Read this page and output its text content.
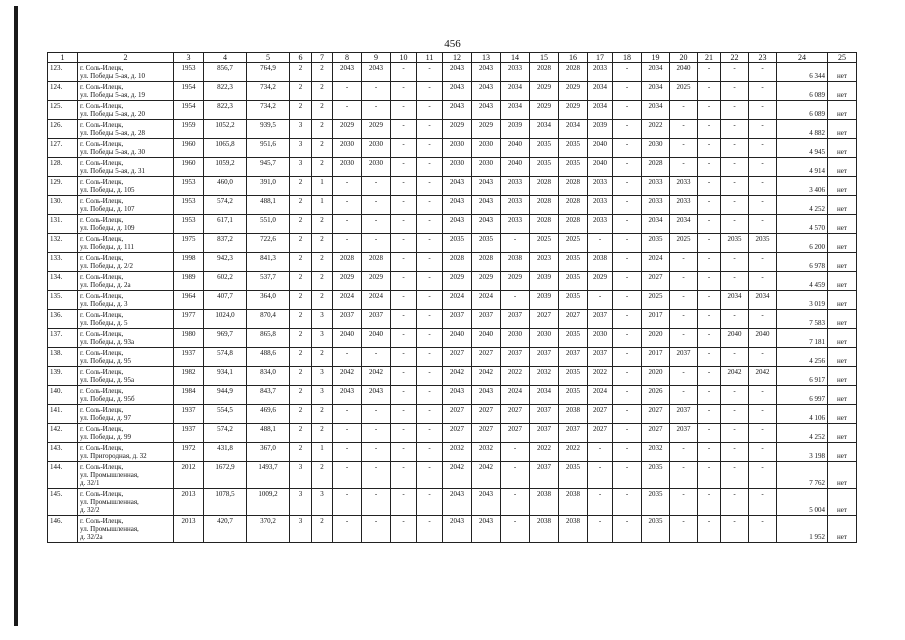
456
1	2	3	4	5	6	7	8	9	10	11	12	13	14	15	16	17	18	19	20	21	22	23	24	25
123.	г. Соль-Илецк,
ул. Победы 5-ая, д. 10	1953	856,7	764,9	2	2	2043	2043	-	-	2043	2043	2033	2028	2028	2033	-	2034	2040	-	-	-	6 344	нет
124.	г. Соль-Илецк,
ул. Победы 5-ая, д. 19	1954	822,3	734,2	2	2	-	-	-	-	2043	2043	2034	2029	2029	2034	-	2034	2025	-	-	-	6 089	нет
125.	г. Соль-Илецк,
ул. Победы 5-ая, д. 20	1954	822,3	734,2	2	2	-	-	-	-	2043	2043	2034	2029	2029	2034	-	2034	-	-	-	-	6 089	нет
126.	г. Соль-Илецк,
ул. Победы 5-ая, д. 28	1959	1052,2	939,5	3	2	2029	2029	-	-	2029	2029	2039	2034	2034	2039	-	2022	-	-	-	-	4 882	нет
127.	г. Соль-Илецк,
ул. Победы 5-ая, д. 30	1960	1065,8	951,6	3	2	2030	2030	-	-	2030	2030	2040	2035	2035	2040	-	2030	-	-	-	-	4 945	нет
128.	г. Соль-Илецк,
ул. Победы 5-ая, д. 31	1960	1059,2	945,7	3	2	2030	2030	-	-	2030	2030	2040	2035	2035	2040	-	2028	-	-	-	-	4 914	нет
129.	г. Соль-Илецк,
ул. Победы, д. 105	1953	460,0	391,0	2	1	-	-	-	-	2043	2043	2033	2028	2028	2033	-	2033	2033	-	-	-	3 406	нет
130.	г. Соль-Илецк,
ул. Победы, д. 107	1953	574,2	488,1	2	1	-	-	-	-	2043	2043	2033	2028	2028	2033	-	2033	2033	-	-	-	4 252	нет
131.	г. Соль-Илецк,
ул. Победы, д. 109	1953	617,1	551,0	2	2	-	-	-	-	2043	2043	2033	2028	2028	2033	-	2034	2034	-	-	-	4 570	нет
132.	г. Соль-Илецк,
ул. Победы, д. 111	1975	837,2	722,6	2	2	-	-	-	-	2035	2035	-	2025	2025	-	-	2035	2025	-	2035	2035	6 200	нет
133.	г. Соль-Илецк,
ул. Победы, д. 2/2	1998	942,3	841,3	2	2	2028	2028	-	-	2028	2028	2038	2023	2035	2038	-	2024	-	-	-	-	6 978	нет
134.	г. Соль-Илецк,
ул. Победы, д. 2а	1989	602,2	537,7	2	2	2029	2029	-	-	2029	2029	2029	2039	2035	2029	-	2027	-	-	-	-	4 459	нет
135.	г. Соль-Илецк,
ул. Победы, д. 3	1964	407,7	364,0	2	2	2024	2024	-	-	2024	2024	-	2039	2035	-	-	2025	-	-	2034	2034	3 019	нет
136.	г. Соль-Илецк,
ул. Победы, д. 5	1977	1024,0	870,4	2	3	2037	2037	-	-	2037	2037	2037	2027	2027	2037	-	2017	-	-	-	-	7 583	нет
137.	г. Соль-Илецк,
ул. Победы, д. 93а	1980	969,7	865,8	2	3	2040	2040	-	-	2040	2040	2030	2030	2035	2030	-	2020	-	-	2040	2040	7 181	нет
138.	г. Соль-Илецк,
ул. Победы, д. 95	1937	574,8	488,6	2	2	-	-	-	-	2027	2027	2037	2037	2037	2037	-	2017	2037	-	-	-	4 256	нет
139.	г. Соль-Илецк,
ул. Победы, д. 95а	1982	934,1	834,0	2	3	2042	2042	-	-	2042	2042	2022	2032	2035	2022	-	2020	-	-	2042	2042	6 917	нет
140.	г. Соль-Илецк,
ул. Победы, д. 95б	1984	944,9	843,7	2	3	2043	2043	-	-	2043	2043	2024	2034	2035	2024	-	2026	-	-	-	-	6 997	нет
141.	г. Соль-Илецк,
ул. Победы, д. 97	1937	554,5	469,6	2	2	-	-	-	-	2027	2027	2027	2037	2038	2027	-	2027	2037	-	-	-	4 106	нет
142.	г. Соль-Илецк,
ул. Победы, д. 99	1937	574,2	488,1	2	2	-	-	-	-	2027	2027	2027	2037	2037	2027	-	2027	2037	-	-	-	4 252	нет
143.	г. Соль-Илецк,
ул. Пригородная, д. 32	1972	431,8	367,0	2	1	-	-	-	-	2032	2032	-	2022	2022	-	-	2032	-	-	-	-	3 198	нет
144.	г. Соль-Илецк,
ул. Промышленная,
д. 32/1	2012	1672,9	1493,7	3	2	-	-	-	-	2042	2042	-	2037	2035	-	-	2035	-	-	-	-	7 762	нет
145.	г. Соль-Илецк,
ул. Промышленная,
д. 32/2	2013	1078,5	1009,2	3	3	-	-	-	-	2043	2043	-	2038	2038	-	-	2035	-	-	-	-	5 004	нет
146.	г. Соль-Илецк,
ул. Промышленная,
д. 32/2а	2013	420,7	370,2	3	2	-	-	-	-	2043	2043	-	2038	2038	-	-	2035	-	-	-	-	1 952	нет
